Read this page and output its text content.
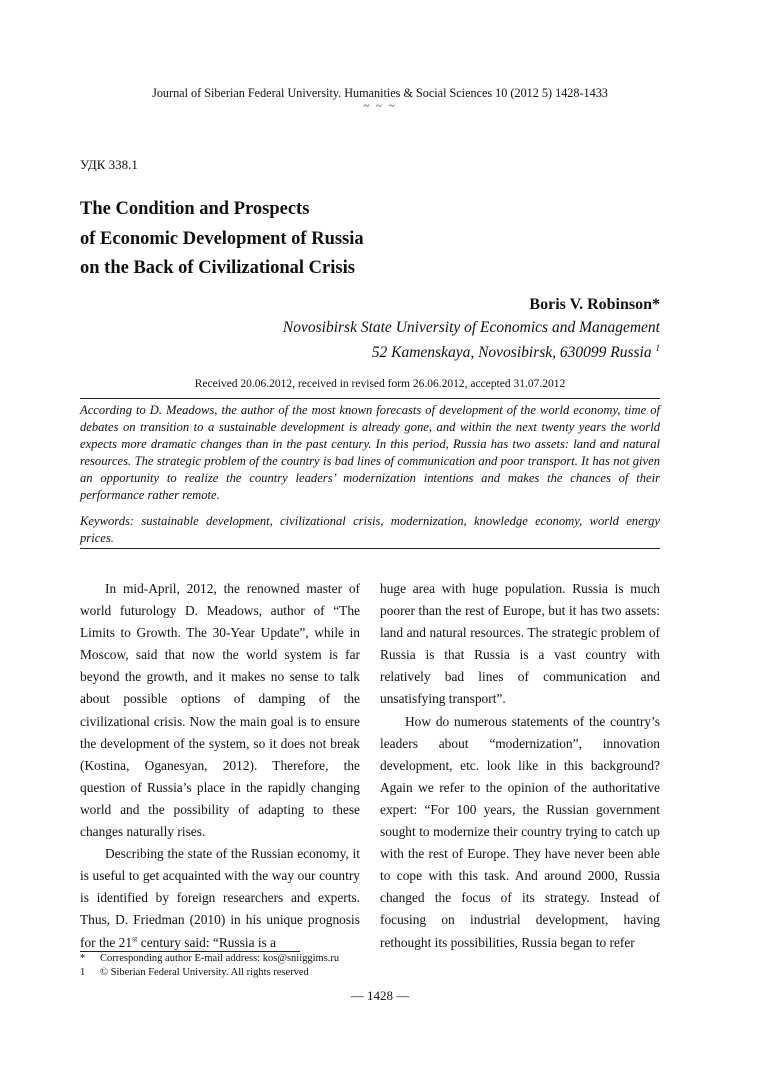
Journal of Siberian Federal University. Humanities & Social Sciences 10 (2012 5) 1428-1433
~ ~ ~
УДК 338.1
The Condition and Prospects
of Economic Development of Russia
on the Back of Civilizational Crisis
Boris V. Robinson*
Novosibirsk State University of Economics and Management
52 Kamenskaya, Novosibirsk, 630099 Russia $^1$
Received 20.06.2012, received in revised form 26.06.2012, accepted 31.07.2012
According to D. Meadows, the author of the most known forecasts of development of the world economy, time of debates on transition to a sustainable development is already gone, and within the next twenty years the world expects more dramatic changes than in the past century. In this period, Russia has two assets: land and natural resources. The strategic problem of the country is bad lines of communication and poor transport. It has not given an opportunity to realize the country leaders’ modernization intentions and makes the chances of their performance rather remote.
Keywords: sustainable development, civilizational crisis, modernization, knowledge economy, world energy prices.

In mid-April, 2012, the renowned master of world futurology D. Meadows, author of “The Limits to Growth. The 30-Year Update”, while in Moscow, said that now the world system is far beyond the growth, and it makes no sense to talk about possible options of damping of the civilizational crisis. Now the main goal is to ensure the development of the system, so it does not break (Kostina, Oganesyan, 2012). Therefore, the question of Russia’s place in the rapidly changing world and the possibility of adapting to these changes naturally rises.

Describing the state of the Russian economy, it is useful to get acquainted with the way our country is identified by foreign researchers and experts. Thus, D. Friedman (2010) in his unique prognosis for the 21st century said: “Russia is a

huge area with huge population. Russia is much poorer than the rest of Europe, but it has two assets: land and natural resources. The strategic problem of Russia is that Russia is a vast country with relatively bad lines of communication and unsatisfying transport”.

How do numerous statements of the country’s leaders about “modernization”, innovation development, etc. look like in this background? Again we refer to the opinion of the authoritative expert: “For 100 years, the Russian government sought to modernize their country trying to catch up with the rest of Europe. They have never been able to cope with this task. And around 2000, Russia changed the focus of its strategy. Instead of focusing on industrial development, having rethought its possibilities, Russia began to refer

* Corresponding author E-mail address: kos@sniiggims.ru
1 © Siberian Federal University. All rights reserved
— 1428 —
